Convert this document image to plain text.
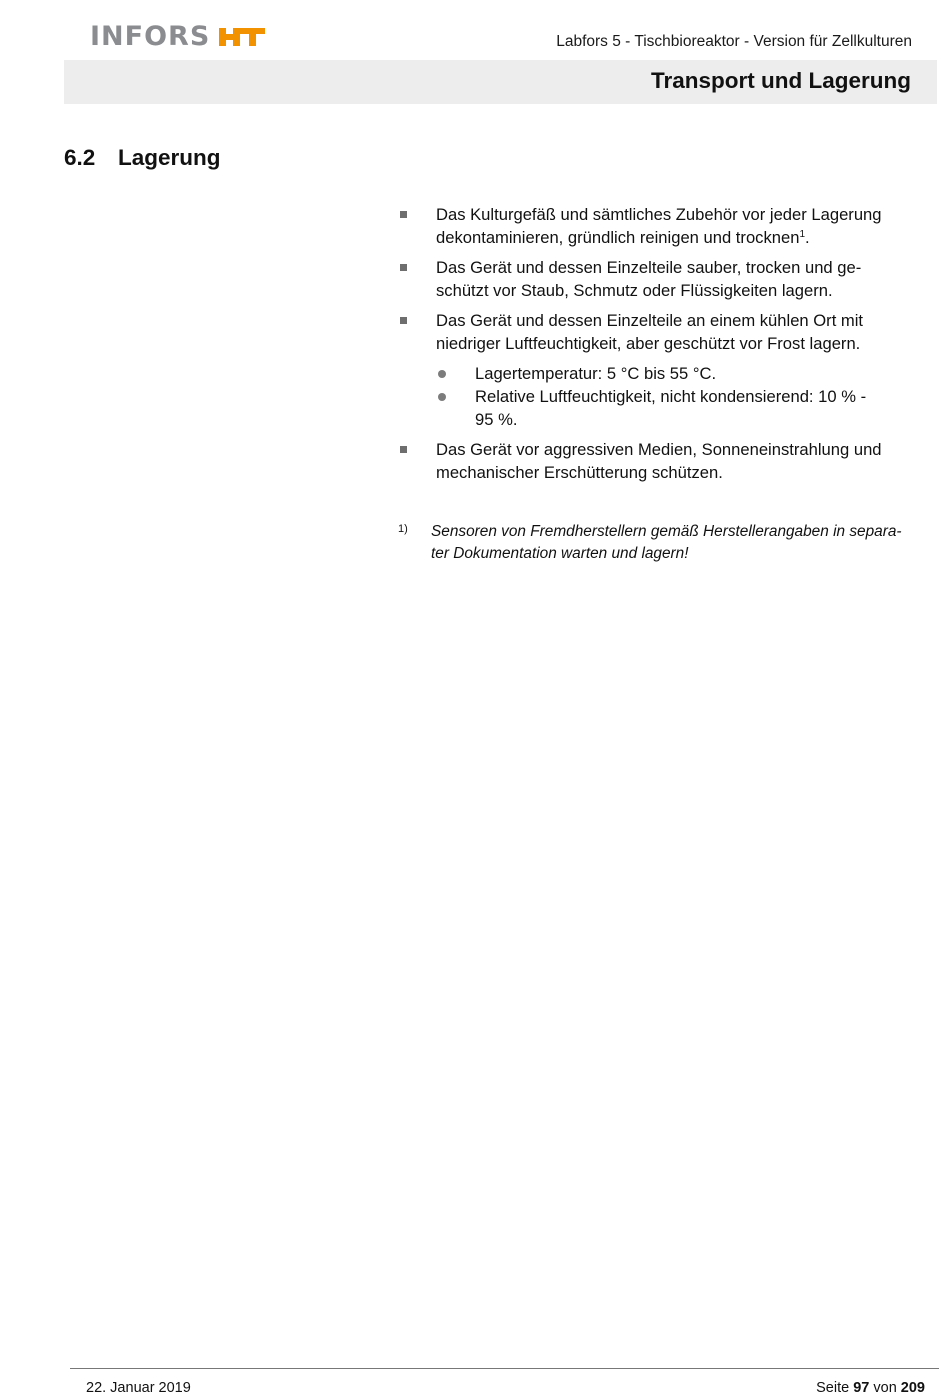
INFORS	Labfors 5 - Tischbioreaktor - Version für Zellkulturen
Transport und Lagerung
6.2 Lagerung
Das Kulturgefäß und sämtliches Zubehör vor jeder Lagerung
dekontaminieren, gründlich reinigen und trocknen$^1$.
Das Gerät und dessen Einzelteile sauber, trocken und ge-
schützt vor Staub, Schmutz oder Flüssigkeiten lagern.
Das Gerät und dessen Einzelteile an einem kühlen Ort mit
niedriger Luftfeuchtigkeit, aber geschützt vor Frost lagern.
Lagertemperatur: 5 °C bis 55 °C.
Relative Luftfeuchtigkeit, nicht kondensierend: 10 % -
95 %.
Das Gerät vor aggressiven Medien, Sonneneinstrahlung und
mechanischer Erschütterung schützen.
1)	Sensoren von Fremdherstellern gemäß Herstellerangaben in separa-
ter Dokumentation warten und lagern!
22. Januar 2019	Seite 97 von 209
